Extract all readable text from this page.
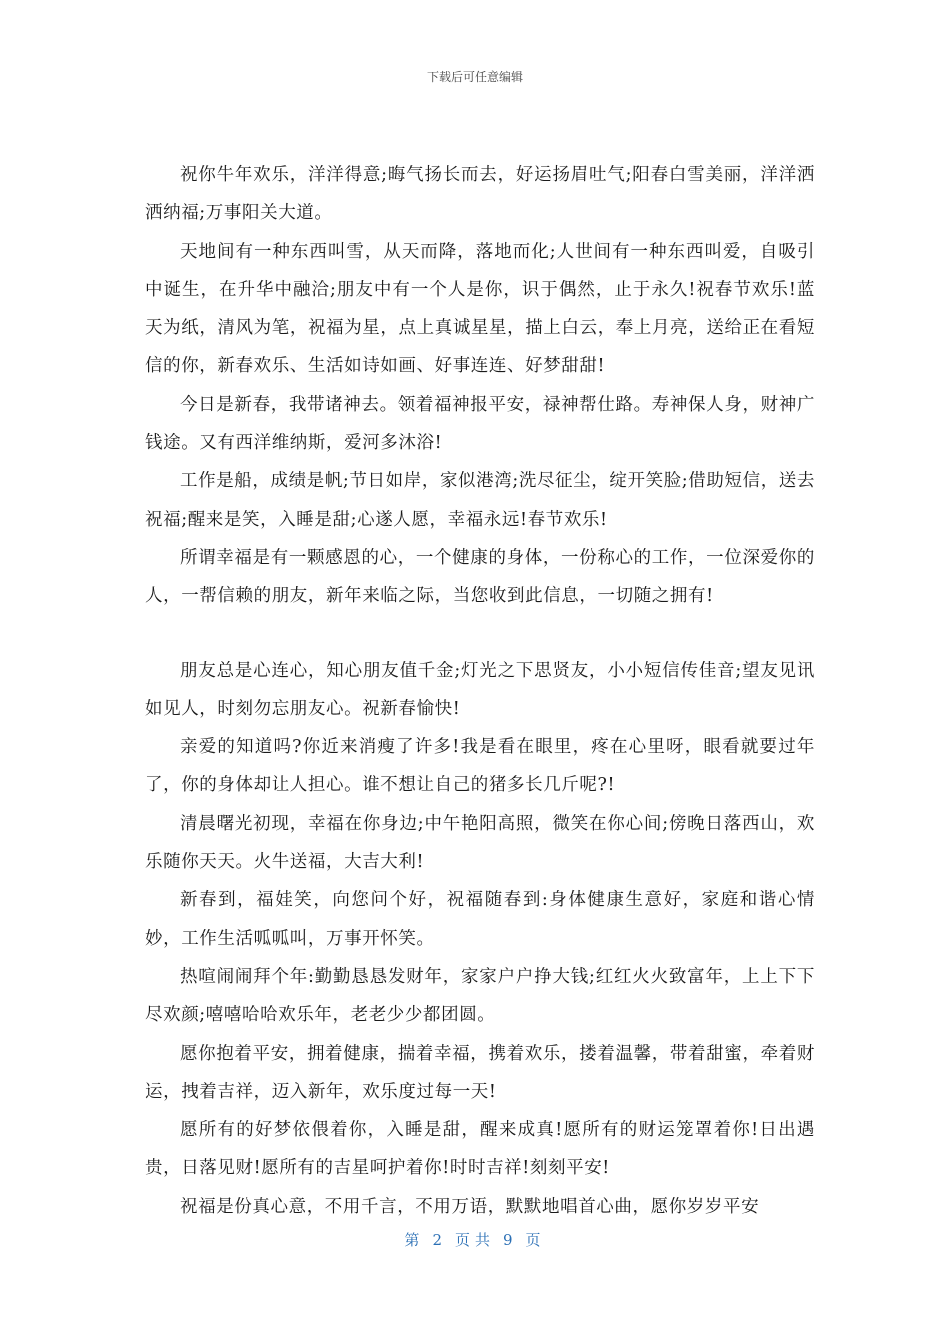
下载后可任意编辑

祝你牛年欢乐，洋洋得意;晦气扬长而去，好运扬眉吐气;阳春白雪美丽，洋洋洒洒纳福;万事阳关大道。

天地间有一种东西叫雪，从天而降，落地而化;人世间有一种东西叫爱，自吸引中诞生，在升华中融洽;朋友中有一个人是你，识于偶然，止于永久!祝春节欢乐!蓝天为纸，清风为笔，祝福为星，点上真诚星星，描上白云，奉上月亮，送给正在看短信的你，新春欢乐、生活如诗如画、好事连连、好梦甜甜!

今日是新春，我带诸神去。领着福神报平安，禄神帮仕路。寿神保人身，财神广钱途。又有西洋维纳斯，爱河多沐浴!

工作是船，成绩是帆;节日如岸，家似港湾;洗尽征尘，绽开笑脸;借助短信，送去祝福;醒来是笑，入睡是甜;心遂人愿，幸福永远!春节欢乐!

所谓幸福是有一颗感恩的心，一个健康的身体，一份称心的工作，一位深爱你的人，一帮信赖的朋友，新年来临之际，当您收到此信息，一切随之拥有!

朋友总是心连心，知心朋友值千金;灯光之下思贤友，小小短信传佳音;望友见讯如见人，时刻勿忘朋友心。祝新春愉快!

亲爱的知道吗?你近来消瘦了许多!我是看在眼里，疼在心里呀，眼看就要过年了，你的身体却让人担心。谁不想让自己的猪多长几斤呢?!

清晨曙光初现，幸福在你身边;中午艳阳高照，微笑在你心间;傍晚日落西山，欢乐随你天天。火牛送福，大吉大利!

新春到，福娃笑，向您问个好，祝福随春到:身体健康生意好，家庭和谐心情妙，工作生活呱呱叫，万事开怀笑。

热喧闹闹拜个年:勤勤恳恳发财年，家家户户挣大钱;红红火火致富年，上上下下尽欢颜;嘻嘻哈哈欢乐年，老老少少都团圆。

愿你抱着平安，拥着健康，揣着幸福，携着欢乐，搂着温馨，带着甜蜜，牵着财运，拽着吉祥，迈入新年，欢乐度过每一天!

愿所有的好梦依偎着你，入睡是甜，醒来成真!愿所有的财运笼罩着你!日出遇贵，日落见财!愿所有的吉星呵护着你!时时吉祥!刻刻平安!

祝福是份真心意，不用千言，不用万语，默默地唱首心曲，愿你岁岁平安

第 2 页共 9 页
